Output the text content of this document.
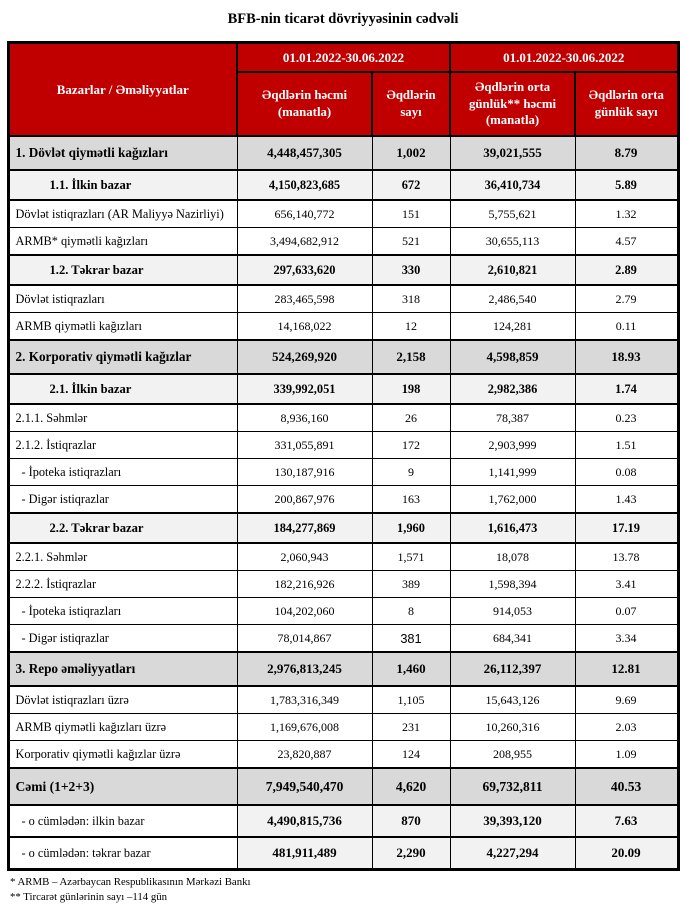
BFB-nin ticarət dövriyyəsinin cədvəli
Bazarlar / Əməliyyatlar	01.01.2022-30.06.2022		01.01.2022-30.06.2022	
	Əqdlərin həcmi (manatla)	Əqdlərin sayı	Əqdlərin orta günlük** həcmi (manatla)	Əqdlərin orta günlük sayı
1. Dövlət qiymətli kağızları	4,448,457,305	1,002	39,021,555	8.79
1.1. İlkin bazar	4,150,823,685	672	36,410,734	5.89
Dövlət istiqrazları (AR Maliyyə Nazirliyi)	656,140,772	151	5,755,621	1.32
ARMB* qiymətli kağızları	3,494,682,912	521	30,655,113	4.57
1.2. Təkrar bazar	297,633,620	330	2,610,821	2.89
Dövlət istiqrazları	283,465,598	318	2,486,540	2.79
ARMB qiymətli kağızları	14,168,022	12	124,281	0.11
2. Korporativ qiymətli kağızlar	524,269,920	2,158	4,598,859	18.93
2.1. İlkin bazar	339,992,051	198	2,982,386	1.74
2.1.1. Səhmlər	8,936,160	26	78,387	0.23
2.1.2. İstiqrazlar	331,055,891	172	2,903,999	1.51
- İpoteka istiqrazları	130,187,916	9	1,141,999	0.08
- Digər istiqrazlar	200,867,976	163	1,762,000	1.43
2.2. Təkrar bazar	184,277,869	1,960	1,616,473	17.19
2.2.1. Səhmlər	2,060,943	1,571	18,078	13.78
2.2.2. İstiqrazlar	182,216,926	389	1,598,394	3.41
- İpoteka istiqrazları	104,202,060	8	914,053	0.07
- Digər istiqrazlar	78,014,867	381	684,341	3.34
3. Repo əməliyyatları	2,976,813,245	1,460	26,112,397	12.81
Dövlət istiqrazları üzrə	1,783,316,349	1,105	15,643,126	9.69
ARMB qiymətli kağızları üzrə	1,169,676,008	231	10,260,316	2.03
Korporativ qiymətli kağızlar üzrə	23,820,887	124	208,955	1.09
Cəmi (1+2+3)	7,949,540,470	4,620	69,732,811	40.53
- o cümlədən: ilkin bazar	4,490,815,736	870	39,393,120	7.63
- o cümlədən: təkrar bazar	481,911,489	2,290	4,227,294	20.09
* ARMB – Azərbaycan Respublikasının Mərkəzi Bankı
** Tircarət günlərinin sayı –114 gün
